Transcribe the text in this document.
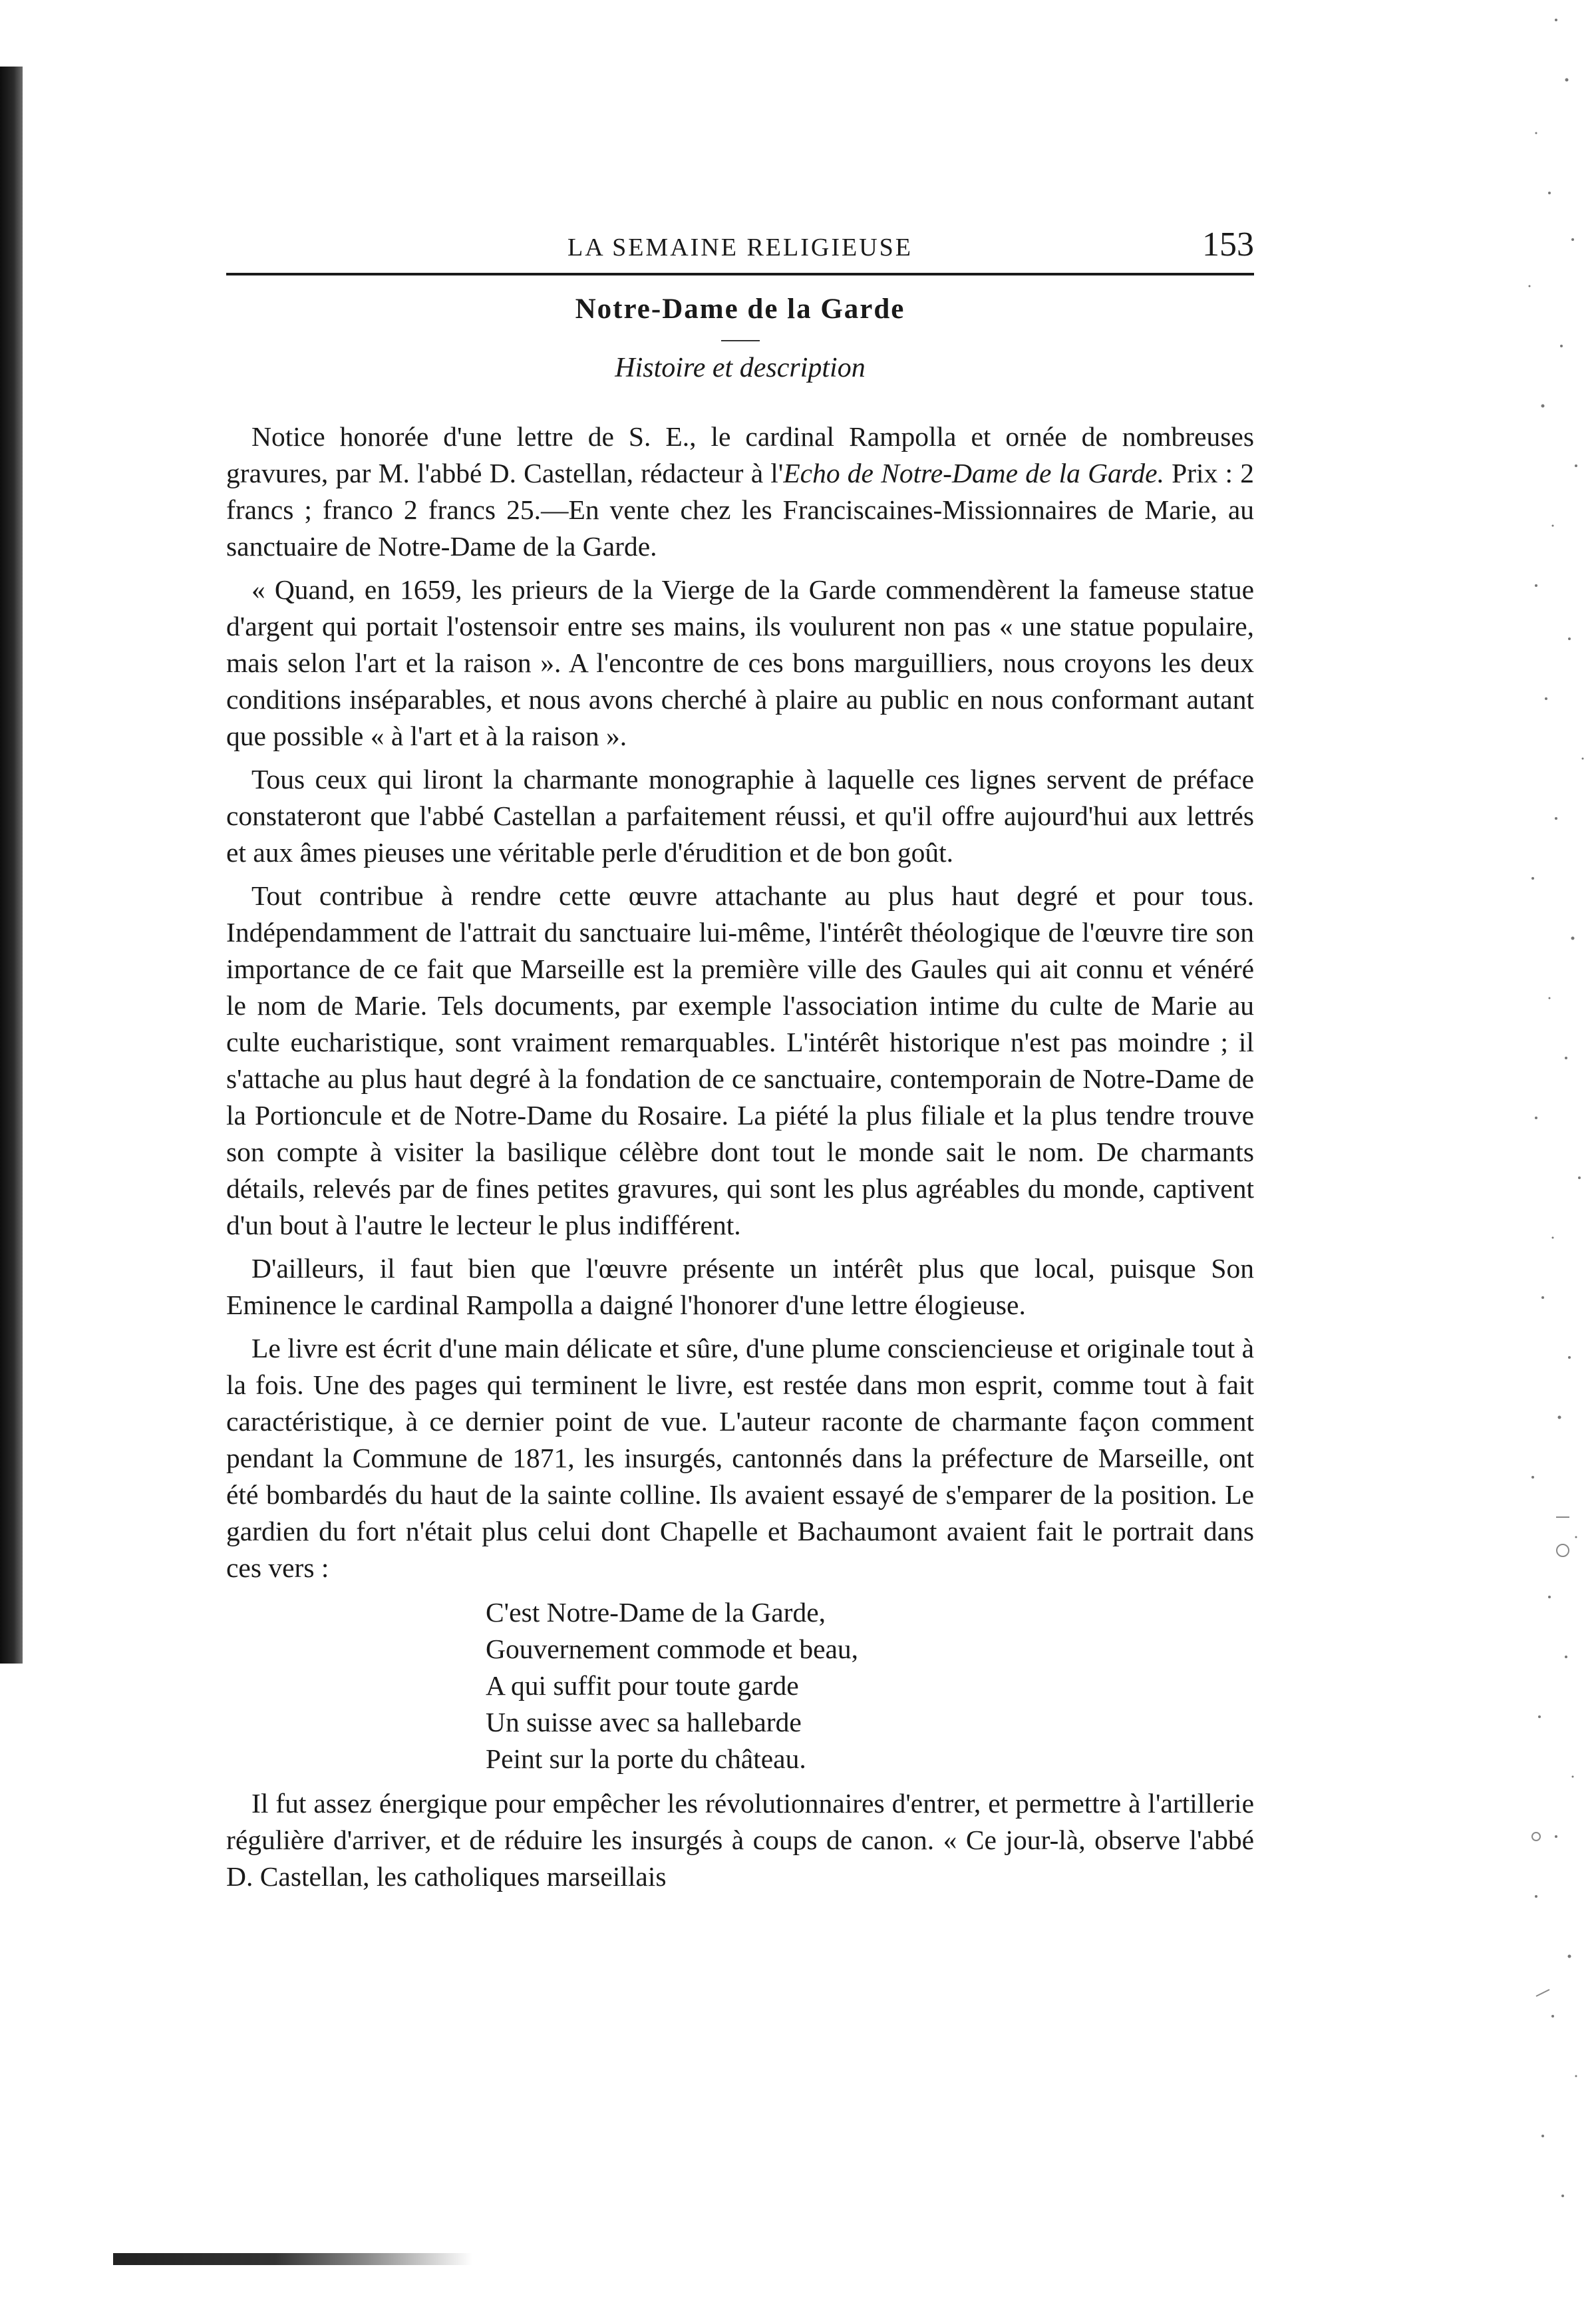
LA SEMAINE RELIGIEUSE	153
Notre-Dame de la Garde
Histoire et description

Notice honorée d'une lettre de S. E., le cardinal Rampolla et ornée de nombreuses gravures, par M. l'abbé D. Castellan, rédacteur à l'Echo de Notre-Dame de la Garde. Prix : 2 francs ; franco 2 francs 25.—En vente chez les Franciscaines-Missionnaires de Marie, au sanctuaire de Notre-Dame de la Garde.

« Quand, en 1659, les prieurs de la Vierge de la Garde commendèrent la fameuse statue d'argent qui portait l'ostensoir entre ses mains, ils voulurent non pas « une statue populaire, mais selon l'art et la raison ». A l'encontre de ces bons marguilliers, nous croyons les deux conditions inséparables, et nous avons cherché à plaire au public en nous conformant autant que possible « à l'art et à la raison ».

Tous ceux qui liront la charmante monographie à laquelle ces lignes servent de préface constateront que l'abbé Castellan a parfaitement réussi, et qu'il offre aujourd'hui aux lettrés et aux âmes pieuses une véritable perle d'érudition et de bon goût.

Tout contribue à rendre cette œuvre attachante au plus haut degré et pour tous. Indépendamment de l'attrait du sanctuaire lui-même, l'intérêt théologique de l'œuvre tire son importance de ce fait que Marseille est la première ville des Gaules qui ait connu et vénéré le nom de Marie. Tels documents, par exemple l'association intime du culte de Marie au culte eucharistique, sont vraiment remarquables. L'intérêt historique n'est pas moindre ; il s'attache au plus haut degré à la fondation de ce sanctuaire, contemporain de Notre-Dame de la Portioncule et de Notre-Dame du Rosaire. La piété la plus filiale et la plus tendre trouve son compte à visiter la basilique célèbre dont tout le monde sait le nom. De charmants détails, relevés par de fines petites gravures, qui sont les plus agréables du monde, captivent d'un bout à l'autre le lecteur le plus indifférent.

D'ailleurs, il faut bien que l'œuvre présente un intérêt plus que local, puisque Son Eminence le cardinal Rampolla a daigné l'honorer d'une lettre élogieuse.

Le livre est écrit d'une main délicate et sûre, d'une plume consciencieuse et originale tout à la fois. Une des pages qui terminent le livre, est restée dans mon esprit, comme tout à fait caractéristique, à ce dernier point de vue. L'auteur raconte de charmante façon comment pendant la Commune de 1871, les insurgés, cantonnés dans la préfecture de Marseille, ont été bombardés du haut de la sainte colline. Ils avaient essayé de s'emparer de la position. Le gardien du fort n'était plus celui dont Chapelle et Bachaumont avaient fait le portrait dans ces vers :

C'est Notre-Dame de la Garde,
Gouvernement commode et beau,
A qui suffit pour toute garde
Un suisse avec sa hallebarde
Peint sur la porte du château.

Il fut assez énergique pour empêcher les révolutionnaires d'entrer, et permettre à l'artillerie régulière d'arriver, et de réduire les insurgés à coups de canon. « Ce jour-là, observe l'abbé D. Castellan, les catholiques marseillais
